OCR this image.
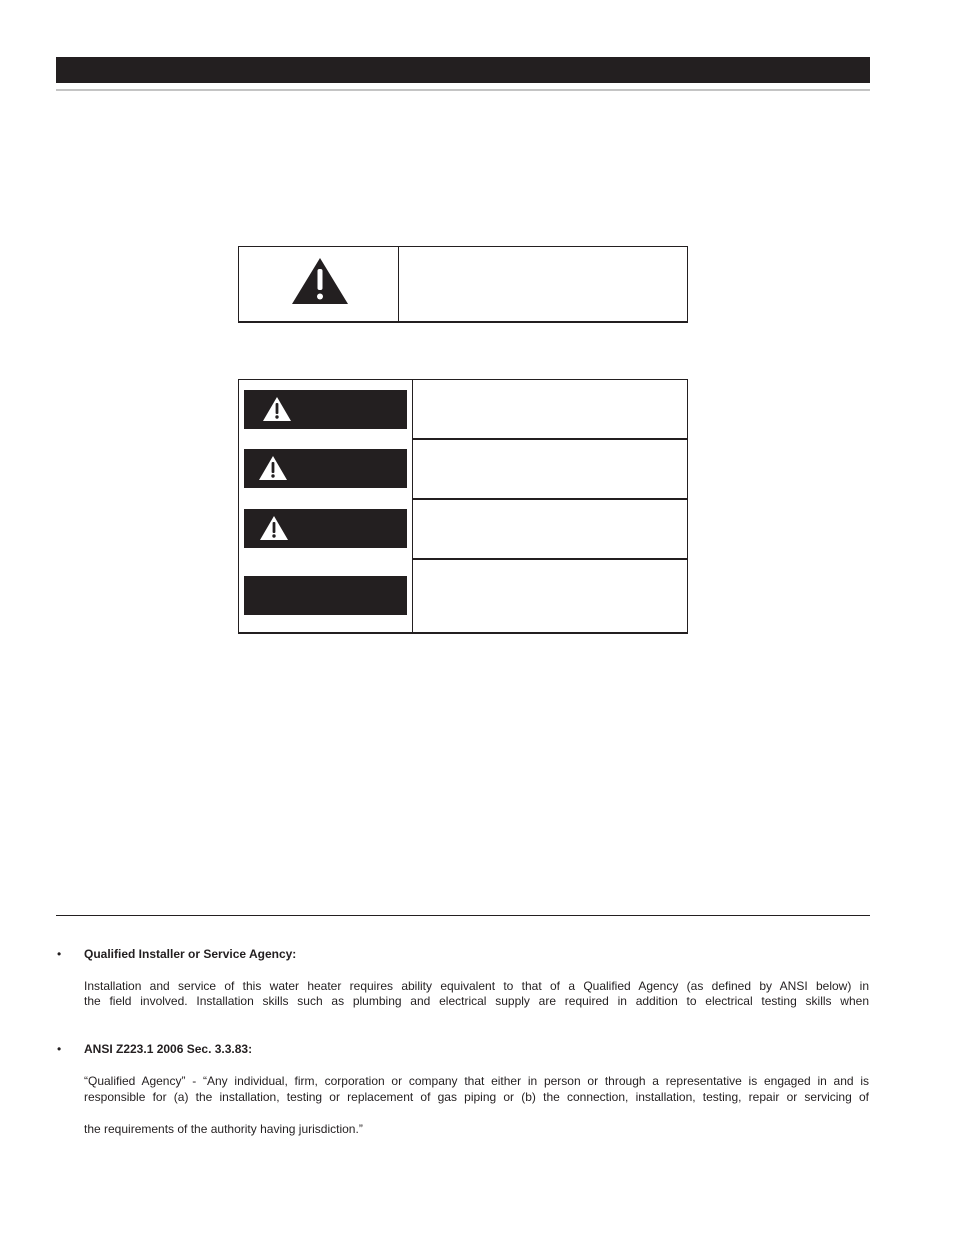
• Qualified Installer or Service Agency:
Installation and service of this water heater requires ability equivalent to that of a Qualified Agency (as defined by ANSI below) in
the field involved. Installation skills such as plumbing and electrical supply are required in addition to electrical testing skills when
• ANSI Z223.1 2006 Sec. 3.3.83:
“Qualified Agency” - “Any individual, firm, corporation or company that either in person or through a representative is engaged in and is
responsible for (a) the installation, testing or replacement of gas piping or (b) the connection, installation, testing, repair or servicing of
the requirements of the authority having jurisdiction.”
